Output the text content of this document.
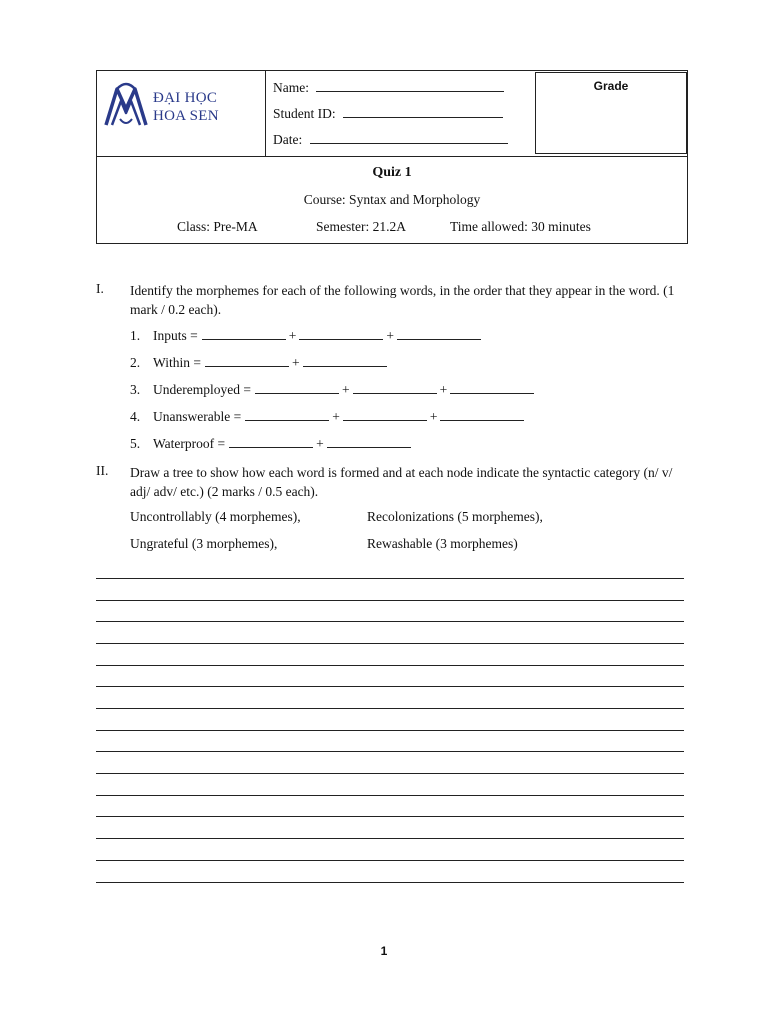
ĐẠI HỌC
HOA SEN
Name:
Student ID:
Date:
Grade
Quiz 1
Course: Syntax and Morphology
Class: Pre-MA	Semester: 21.2A	Time allowed: 30 minutes
I. Identify the morphemes for each of the following words, in the order that they appear in the word. (1 mark / 0.2 each).
1. Inputs =	+	+
2. Within =	+
3. Underemployed =	+	+
4. Unanswerable =	+	+
5. Waterproof =	+
II. Draw a tree to show how each word is formed and at each node indicate the syntactic category (n/ v/ adj/ adv/ etc.) (2 marks / 0.5 each).
Uncontrollably (4 morphemes),	Recolonizations (5 morphemes),
Ungrateful (3 morphemes),	Rewashable (3 morphemes)
1
